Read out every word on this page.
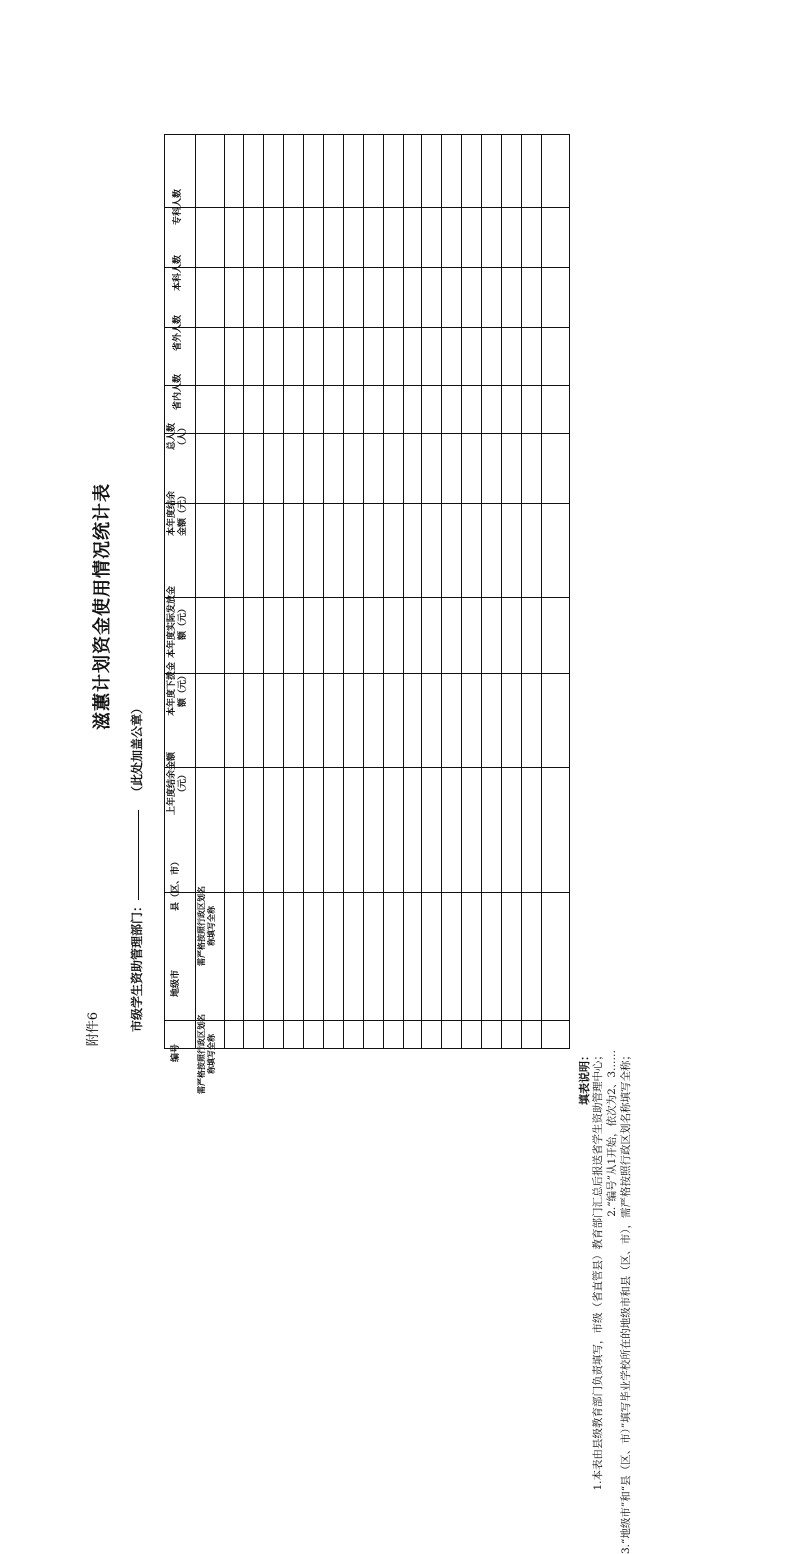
附件6
滋蕙计划资金使用情况统计表
市级学生资助管理部门：
（此处加盖公章）
编号
地级市
县（区、市）
上年度结余金额 （元）
本年度下拨金 额（元）
本年度实际发放金 额（元）
本年度结余 金额（元）
总人数 （人）
省内人数
省外人数
本科人数
专科人数
需严格按照行政区划名 称填写全称
需严格按照行政区划名 称填写全称
填表说明： 1.本表由县级教育部门负责填写，市级（省直管县）教育部门汇总后报送省学生资助管理中心； 2.“编号”从1开始，依次为2、3…… 3.“地级市”和“县（区、市）”填写毕业学校所在的地级市和县（区、市），需严格按照行政区划名称填写全称；
